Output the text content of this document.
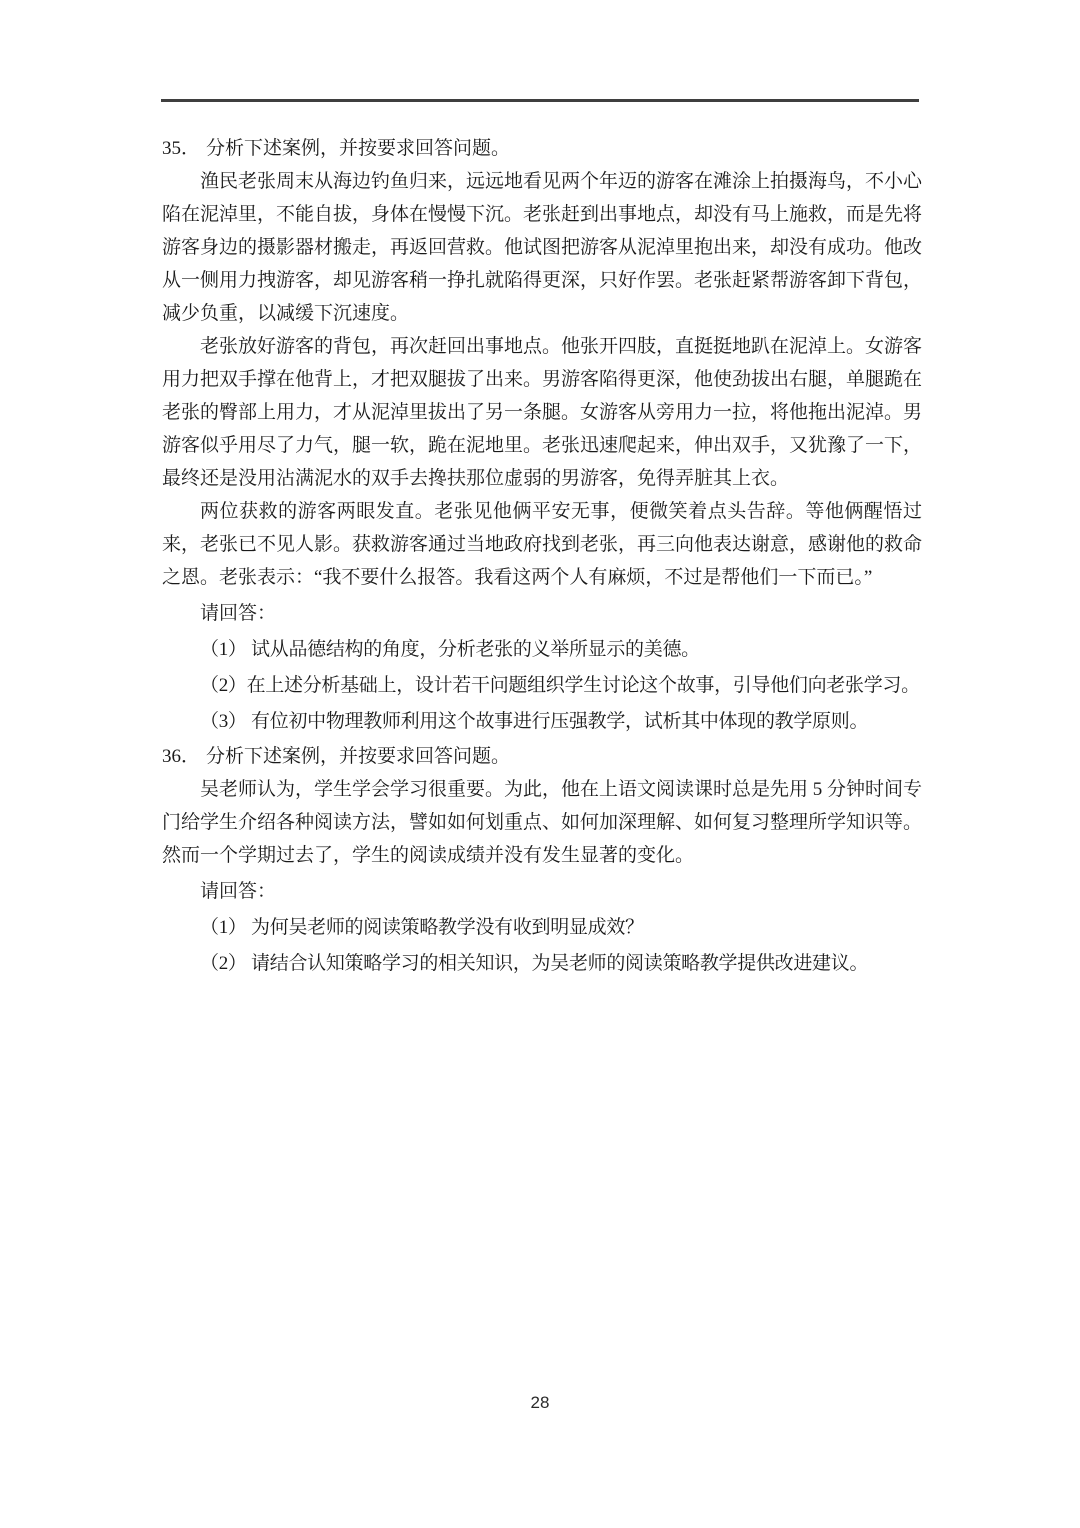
35． 分析下述案例，并按要求回答问题。

渔民老张周末从海边钓鱼归来，远远地看见两个年迈的游客在滩涂上拍摄海鸟，不小心陷在泥淖里，不能自拔，身体在慢慢下沉。老张赶到出事地点，却没有马上施救，而是先将游客身边的摄影器材搬走，再返回营救。他试图把游客从泥淖里抱出来，却没有成功。他改从一侧用力拽游客，却见游客稍一挣扎就陷得更深，只好作罢。老张赶紧帮游客卸下背包，减少负重，以减缓下沉速度。

老张放好游客的背包，再次赶回出事地点。他张开四肢，直挺挺地趴在泥淖上。女游客用力把双手撑在他背上，才把双腿拔了出来。男游客陷得更深，他使劲拔出右腿，单腿跪在老张的臀部上用力，才从泥淖里拔出了另一条腿。女游客从旁用力一拉，将他拖出泥淖。男游客似乎用尽了力气，腿一软，跪在泥地里。老张迅速爬起来，伸出双手，又犹豫了一下，最终还是没用沾满泥水的双手去搀扶那位虚弱的男游客，免得弄脏其上衣。

两位获救的游客两眼发直。老张见他俩平安无事，便微笑着点头告辞。等他俩醒悟过来，老张已不见人影。获救游客通过当地政府找到老张，再三向他表达谢意，感谢他的救命之恩。老张表示：“我不要什么报答。我看这两个人有麻烦，不过是帮他们一下而已。”

请回答：

（1） 试从品德结构的角度，分析老张的义举所显示的美德。

（2）在上述分析基础上，设计若干问题组织学生讨论这个故事，引导他们向老张学习。

（3） 有位初中物理教师利用这个故事进行压强教学，试析其中体现的教学原则。

36． 分析下述案例，并按要求回答问题。

吴老师认为，学生学会学习很重要。为此，他在上语文阅读课时总是先用 5 分钟时间专门给学生介绍各种阅读方法，譬如如何划重点、如何加深理解、如何复习整理所学知识等。然而一个学期过去了，学生的阅读成绩并没有发生显著的变化。

请回答：

（1） 为何吴老师的阅读策略教学没有收到明显成效？

（2） 请结合认知策略学习的相关知识，为吴老师的阅读策略教学提供改进建议。

28
